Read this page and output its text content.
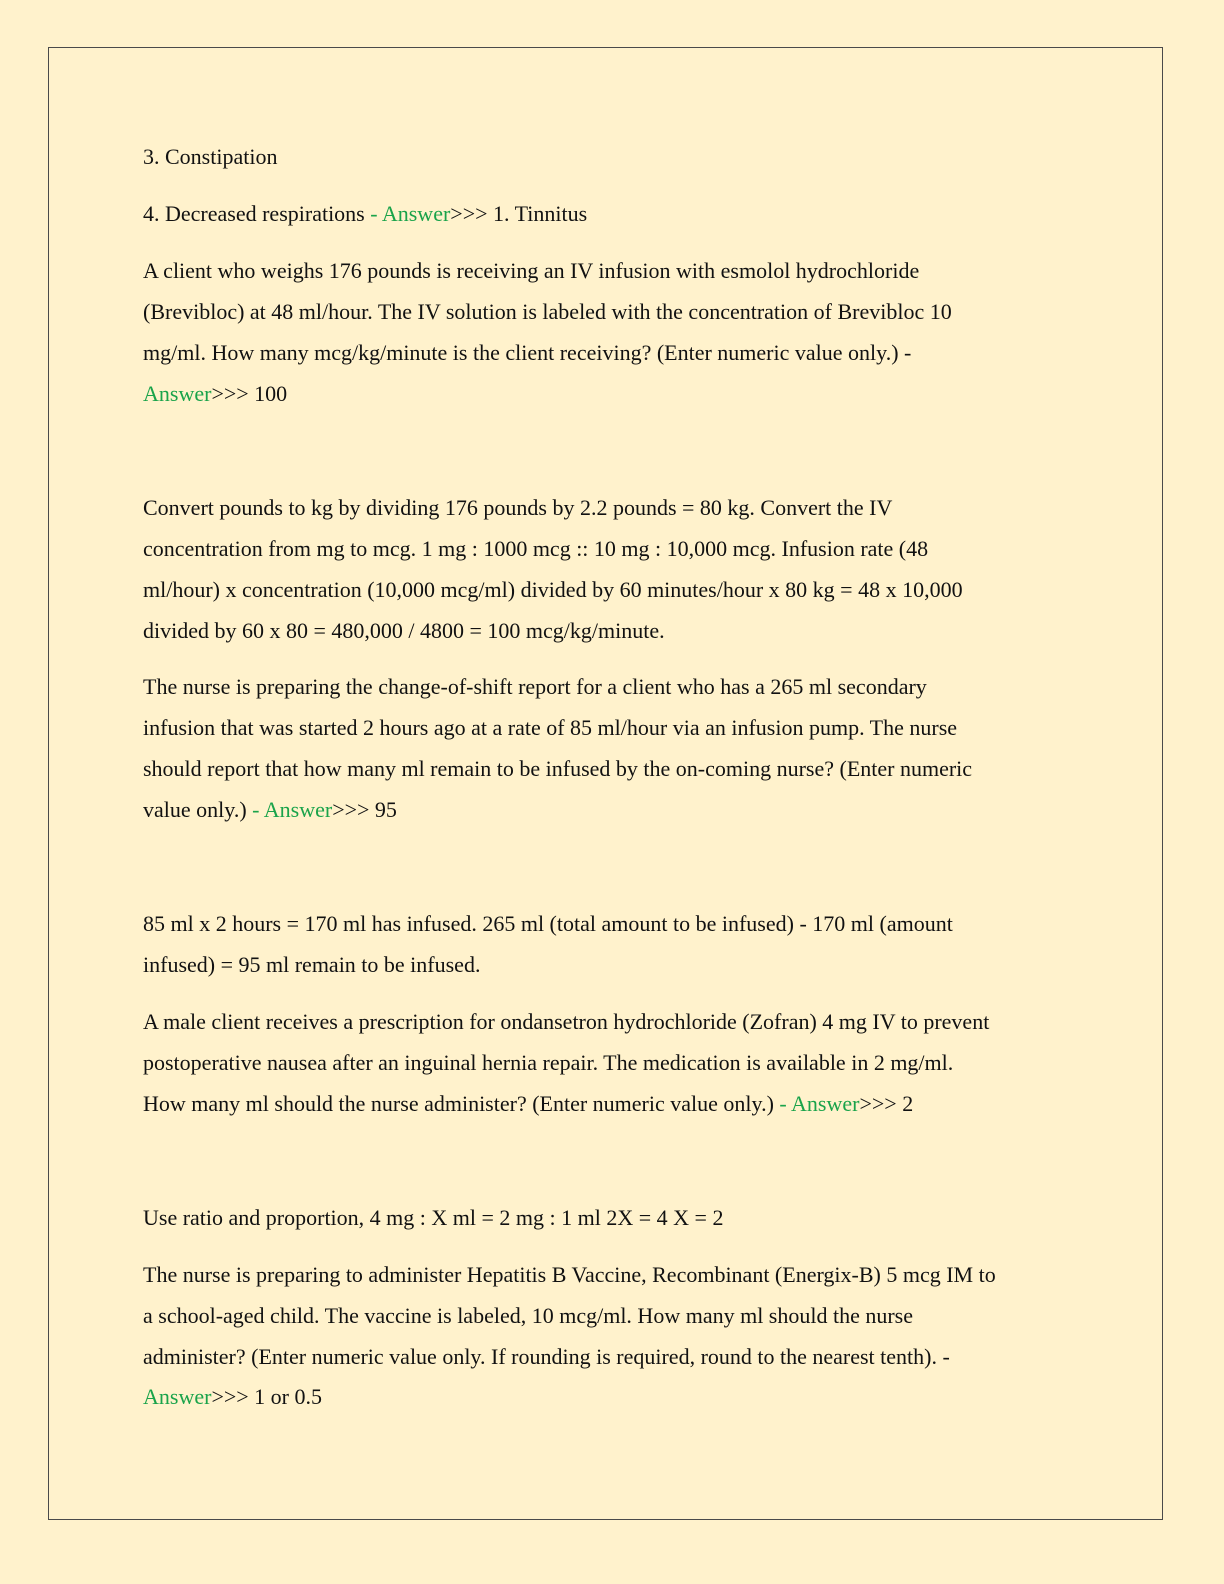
3. Constipation
4. Decreased respirations - Answer>>> 1. Tinnitus
A client who weighs 176 pounds is receiving an IV infusion with esmolol hydrochloride
(Brevibloc) at 48 ml/hour. The IV solution is labeled with the concentration of Brevibloc 10
mg/ml. How many mcg/kg/minute is the client receiving? (Enter numeric value only.) -
Answer>>> 100
Convert pounds to kg by dividing 176 pounds by 2.2 pounds = 80 kg. Convert the IV
concentration from mg to mcg. 1 mg : 1000 mcg :: 10 mg : 10,000 mcg. Infusion rate (48
ml/hour) x concentration (10,000 mcg/ml) divided by 60 minutes/hour x 80 kg = 48 x 10,000
divided by 60 x 80 = 480,000 / 4800 = 100 mcg/kg/minute.
The nurse is preparing the change-of-shift report for a client who has a 265 ml secondary
infusion that was started 2 hours ago at a rate of 85 ml/hour via an infusion pump. The nurse
should report that how many ml remain to be infused by the on-coming nurse? (Enter numeric
value only.) - Answer>>> 95
85 ml x 2 hours = 170 ml has infused. 265 ml (total amount to be infused) - 170 ml (amount
infused) = 95 ml remain to be infused.
A male client receives a prescription for ondansetron hydrochloride (Zofran) 4 mg IV to prevent
postoperative nausea after an inguinal hernia repair. The medication is available in 2 mg/ml.
How many ml should the nurse administer? (Enter numeric value only.) - Answer>>> 2
Use ratio and proportion, 4 mg : X ml = 2 mg : 1 ml 2X = 4 X = 2
The nurse is preparing to administer Hepatitis B Vaccine, Recombinant (Energix-B) 5 mcg IM to
a school-aged child. The vaccine is labeled, 10 mcg/ml. How many ml should the nurse
administer? (Enter numeric value only. If rounding is required, round to the nearest tenth). -
Answer>>> 1 or 0.5
